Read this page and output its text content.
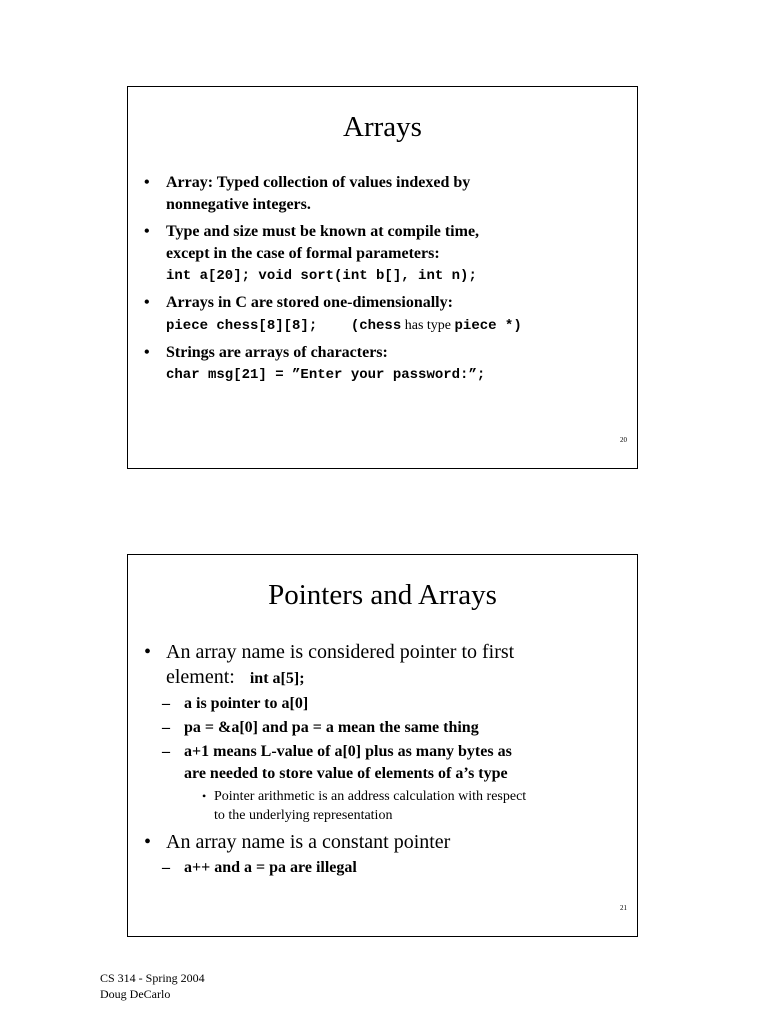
Arrays
• Array: Typed collection of values indexed by
nonnegative integers.
• Type and size must be known at compile time,
except in the case of formal parameters:
int a[20]; void sort(int b[], int n);
• Arrays in C are stored one-dimensionally:
piece chess[8][8];    (chess has type piece *)
• Strings are arrays of characters:
char msg[21] = ”Enter your password:”;
20
Pointers and Arrays
• An array name is considered pointer to first
element: int a[5];
– a is pointer to a[0]
– pa = &a[0] and pa = a mean the same thing
– a+1 means L-value of a[0] plus as many bytes as
are needed to store value of elements of a’s type
• Pointer arithmetic is an address calculation with respect
to the underlying representation
• An array name is a constant pointer
– a++ and a = pa are illegal
21
CS 314 - Spring 2004
Doug DeCarlo
